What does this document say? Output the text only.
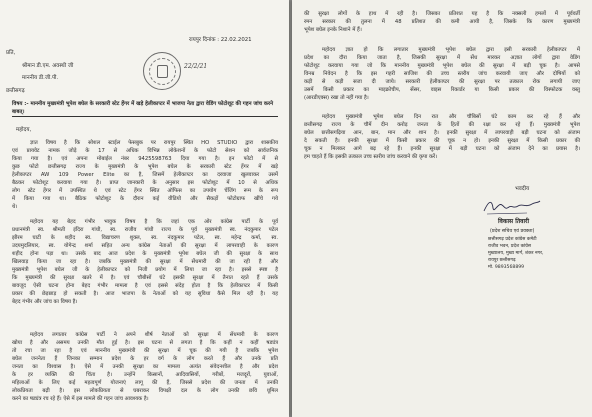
रायपुर दिनांक : 22.02.2021
प्रति,
श्रीमान डी.एम. अवस्थी जी
माननीय डी.जी.पी.
छत्तीसगढ़
22/2/21
विषय :- माननीय मुख्यमंत्री भूपेश बघेल के सरकारी स्टेट हेंगर में खड़े हेलीकाप्टर में भाजपा नेता द्वारा वेडिंग फोटोशूट की गहन जांच करने बाबत्।
महोदय,

ज्ञात विषय है कि सोशल स्टाईल फेसबुक पर रायपुर स्थित HO STUDIO द्वारा शासकीय

एवं प्रायवेट नामक जोड़े के 17 से अधिक विभिन्न लोकेशनों के फोटो सेशन को सार्वजनिक

किया गया है। एवं अपना मोबाईल नंबर 9425598763 दिया गया है। इन फोटो में से

कुछ फोटो छत्तीसगढ़ राज्य के मुख्यमंत्री के भूपेश बघेल के सरकारी स्टेट हेंगर में खड़े

हेलीकाप्टर AW 109 Power Elite का है, जिसमें हेलीकाप्टर का दरवाजा खुलवाकर उसमें

बैठकर फोटोशूट करवाया गया है। प्राप्त जानकारी के अनुसार इस फोटोशूट में 10 से अधिक

लोग स्टेट हेंगर में उपस्थित थे एवं स्टेट हेंगर स्थित ऑफिस का उपयोग चेंजिंग रूम के रूप

में किया गया था। बैठिक फोटोशूट के दौरान कई वीडियो और सैकड़ों फोटोग्राफ खींचे गये

थे।

महोदय यह बेहद गंभीर भावुक विषय है कि जहां एक ओर कांग्रेस पार्टी के पूर्व

प्रधानमंत्री स्व. श्रीमती इंदिरा गांधी, स्व. राजीव गांधी राज्य के पूर्व मुख्यमंत्री स्व. नंदकुमार पटेल

झीरम घाटी के शहीद स्व. विद्याचरण शुक्ल, स्व. नंदकुमार पटेल, स्व. महेन्द्र कर्मा, स्व.

उदयमुदलियार, स्व. योगेन्द्र शर्मा सहित अन्य कांग्रेस नेताओं की सुरक्षा में लापरवाही के कारण

शहीद होना पड़ा था। उसके बाद आज प्रदेश के मुख्यमंत्री भूपेश बघेल जी की सुरक्षा के साथ

खिलवाड़ किया जा रहा है। जबकि मुख्यमंत्री की सुरक्षा में सेंधमारी की जा रही है और

मुख्यमंत्री भूपेश बघेल जी के हेलीकाप्टर को निजी प्रयोग में लिया जा रहा है। इससे स्पष्ट है

कि मुख्यमंत्री की सुरक्षा खतरे में है। एवं चौबीसों घंटे इसकी सुरक्षा में तैनात रहते हैं उसके

बावजूद ऐसी घटना होना बेहद गंभीर मामला है एवं इससे संदेह होता है कि हेलीकाप्टर में किसी

प्रकार की छेड़छाड़ हो सकती है। आज भाजपा के नेताओं को यह सुविधा कैसे मिल रही है। यह

बेहद गंभीर और जांच का विषय है।

महोदय लगातार कांग्रेस पार्टी ने अपने शीर्ष नेताओं को सुरक्षा में सेंधमारी के कारण

खोया है और असमय उनकी मौत हुई है। इस घटना से लगता है कि कहीं न कहीं षड्यंत्र

तो रचा जा रहा है एवं माननीय मुख्यमंत्री की सुरक्षा में चूक की गयी है जबकि भूपेश

बघेल जननेता हैं जिनका सम्मान प्रदेश के हर वर्ग के लोग करते हैं और उनके प्रति

जनता का विश्वास है। ऐसे में उनकी सुरक्षा का मामला अत्यंत संवेदनशील है और प्रदेश

के हर व्यक्ति की चिंता है। उन्होंने किसानों, आदिवासियों, गरीबों, मजदूरों, युवाओं,

महिलाओं के लिए कई महत्वपूर्ण योजनाएं लागू की हैं, जिससे प्रदेश की जनता में उनकी

लोकप्रियता बढ़ी है। इस लोकप्रियता से घबराकर विपक्षी दल के लोग उनकी छवि धूमिल

करने का षड्यंत्र रच रहे हैं। ऐसे में इस मामले की गहन जांच आवश्यक है।

की सुरक्षा लोगों के हाथ में रही है। जिसका प्रतिशत यह है कि नक्सली हमलों में पूर्ववर्ती

रमन सरकार की तुलना में 48 प्रतिशत की कमी आयी है, जिसके कि कारण मुख्यमंत्री

भूपेश बघेल इनके निशाने में हैं।

महोदय ज्ञात हो कि लगातार मुख्यमंत्री भूपेश बघेल द्वारा इसी सरकारी हेलीकाप्टर में

प्रदेश का दौरा किया जाता है, जिसकी सुरक्षा में सेंध मारकर अज्ञात लोगों द्वारा वेडिंग

फोटोशूट करवाया गया जो कि माननीय मुख्यमंत्री भूपेश बघेल की सुरक्षा में बड़ी चूक है। आपसे

विनम्र निवेदन है कि इस गहरी साजिश की उच्च स्तरीय जांच करवायी जाए और दोषियों को

कड़ी से कड़ी सजा दी जाये। सरकारी हेलीकाप्टर की सुरक्षा पर तत्काल रोक लगायी जाए

उसमें किसी प्रकार का माइक्रोचीप, सेंसर, वाइस रिकार्डर या किसी प्रकार की विस्फोटक वस्तु

(आरडीएक्स) रखा तो नहीं गया है।

महोदय मुख्यमंत्री भूपेश बघेल दिन रात और चौबिसों घंटे काम कर रहे हैं और

छत्तीसगढ़ राज्य के चौमें दीन करोड़ जनता के हितों की रक्षा कर रहे हैं। मुख्यमंत्री भूपेश

बघेल छत्तीसगढ़िया आन, बान, मान और शान है। इनकी सुरक्षा में लापरवाही बड़ी घटना को अंजाम

दे सकती है। इनकी सुरक्षा में किसी प्रकार की चूक न हो। इनकी सुरक्षा में किसी प्रकार की

चूक न मिलकर आगे बढ़ रहे हैं। इनकी सुरक्षा में बड़ी घटना को अंजाम देने का प्रयास है।

हम चाहते हैं कि इसकी तत्काल उच्च स्तरीय जांच करवाने की कृपा करें।

भवदीय
विकास तिवारी
(प्रदेश सचिव एवं प्रवक्ता)
छत्तीसगढ़ प्रदेश कांग्रेस कमेटी
राजीव भवन, प्रदेश कांग्रेस
मुख्यालय, मुख्य मार्ग, शंकर नगर,
रायपुर छत्तीसगढ़
मो. 9893568899
